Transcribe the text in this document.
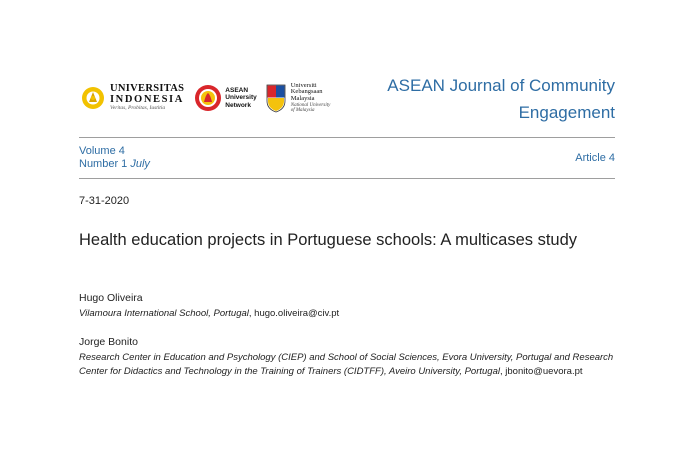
UNIVERSITAS
INDONESIA
Veritas, Probitas, Iustitia
ASEAN
University
Network
Universiti
Kebangsaan
Malaysia
National University
of Malaysia
ASEAN Journal of Community Engagement
Volume 4
Number 1 July	Article 4
7-31-2020
Health education projects in Portuguese schools: A multicases study
Hugo Oliveira
Vilamoura International School, Portugal, hugo.oliveira@civ.pt
Jorge Bonito
Research Center in Education and Psychology (CIEP) and School of Social Sciences, Evora University, Portugal and Research Center for Didactics and Technology in the Training of Trainers (CIDTFF), Aveiro University, Portugal, jbonito@uevora.pt
